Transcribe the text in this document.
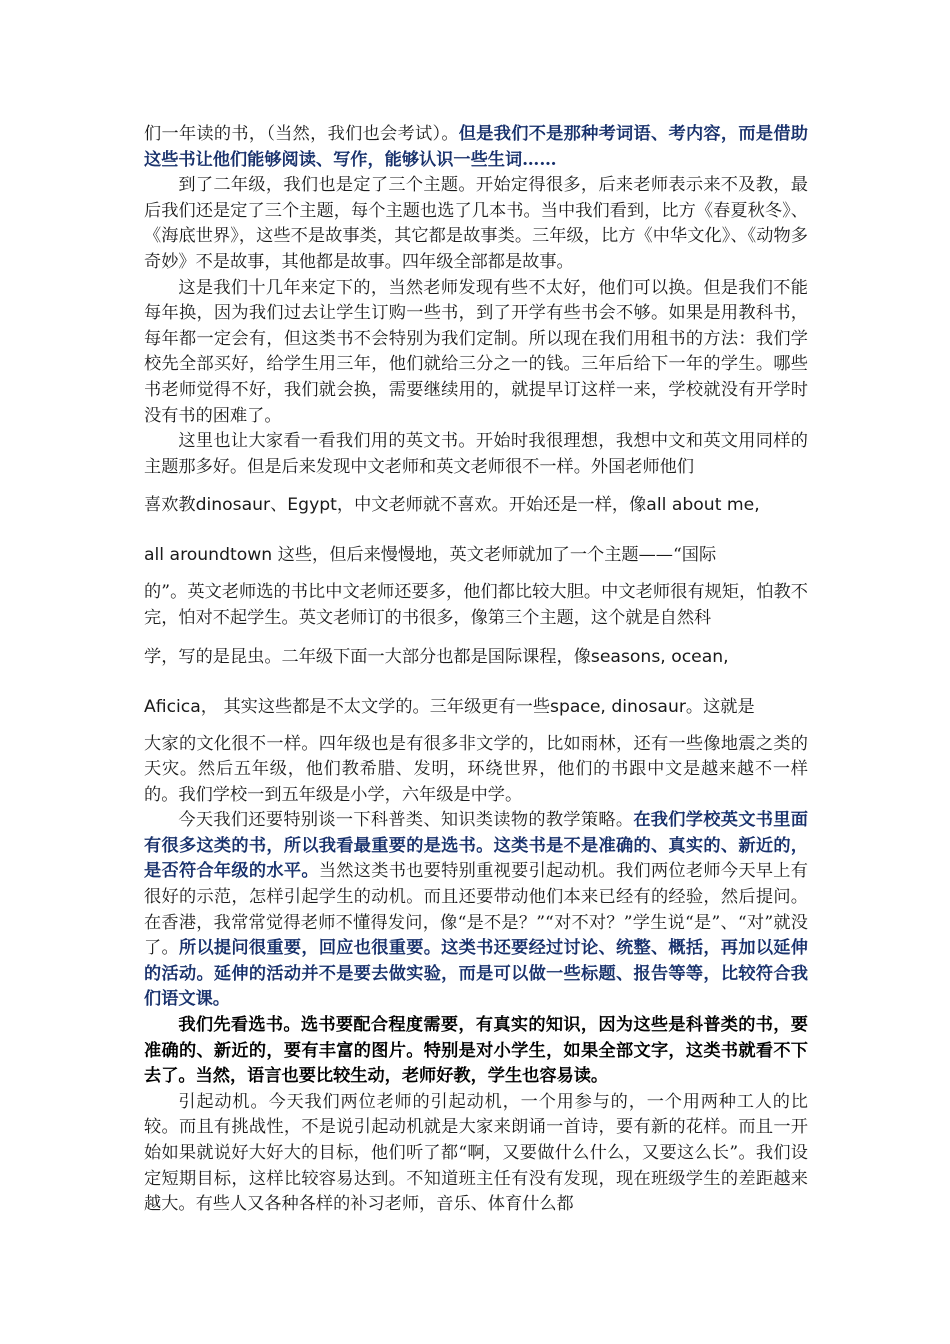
们一年读的书，（当然，我们也会考试）。但是我们不是那种考词语、考内容，而是借助这些书让他们能够阅读、写作，能够认识一些生词……

到了二年级，我们也是定了三个主题。开始定得很多，后来老师表示来不及教，最后我们还是定了三个主题，每个主题也选了几本书。当中我们看到，比方《春夏秋冬》、《海底世界》，这些不是故事类，其它都是故事类。三年级，比方《中华文化》、《动物多奇妙》不是故事，其他都是故事。四年级全部都是故事。

这是我们十几年来定下的，当然老师发现有些不太好，他们可以换。但是我们不能每年换，因为我们过去让学生订购一些书，到了开学有些书会不够。如果是用教科书，每年都一定会有，但这类书不会特别为我们定制。所以现在我们用租书的方法：我们学校先全部买好，给学生用三年，他们就给三分之一的钱。三年后给下一年的学生。哪些书老师觉得不好，我们就会换，需要继续用的，就提早订这样一来，学校就没有开学时没有书的困难了。

这里也让大家看一看我们用的英文书。开始时我很理想，我想中文和英文用同样的主题那多好。但是后来发现中文老师和英文老师很不一样。外国老师他们

喜欢教dinosaur、Egypt，中文老师就不喜欢。开始还是一样，像all about me,

all aroundtown 这些，但后来慢慢地，英文老师就加了一个主题——“国际

的”。英文老师选的书比中文老师还要多，他们都比较大胆。中文老师很有规矩，怕教不完，怕对不起学生。英文老师订的书很多，像第三个主题，这个就是自然科

学，写的是昆虫。二年级下面一大部分也都是国际课程，像seasons, ocean,

Aficica， 其实这些都是不太文学的。三年级更有一些space, dinosaur。这就是

大家的文化很不一样。四年级也是有很多非文学的，比如雨林，还有一些像地震之类的天灾。然后五年级，他们教希腊、发明，环绕世界，他们的书跟中文是越来越不一样的。我们学校一到五年级是小学，六年级是中学。

今天我们还要特别谈一下科普类、知识类读物的教学策略。在我们学校英文书里面有很多这类的书，所以我看最重要的是选书。这类书是不是准确的、真实的、新近的，是否符合年级的水平。当然这类书也要特别重视要引起动机。我们两位老师今天早上有很好的示范，怎样引起学生的动机。而且还要带动他们本来已经有的经验，然后提问。在香港，我常常觉得老师不懂得发问，像“是不是？”“对不对？”学生说“是”、“对”就没了。所以提问很重要，回应也很重要。这类书还要经过讨论、统整、概括，再加以延伸的活动。延伸的活动并不是要去做实验，而是可以做一些标题、报告等等，比较符合我们语文课。

我们先看选书。选书要配合程度需要，有真实的知识，因为这些是科普类的书，要准确的、新近的，要有丰富的图片。特别是对小学生，如果全部文字，这类书就看不下去了。当然，语言也要比较生动，老师好教，学生也容易读。

引起动机。今天我们两位老师的引起动机，一个用参与的，一个用两种工人的比较。而且有挑战性，不是说引起动机就是大家来朗诵一首诗，要有新的花样。而且一开始如果就说好大好大的目标，他们听了都“啊，又要做什么什么，又要这么长”。我们设定短期目标，这样比较容易达到。不知道班主任有没有发现，现在班级学生的差距越来越大。有些人又各种各样的补习老师，音乐、体育什么都
